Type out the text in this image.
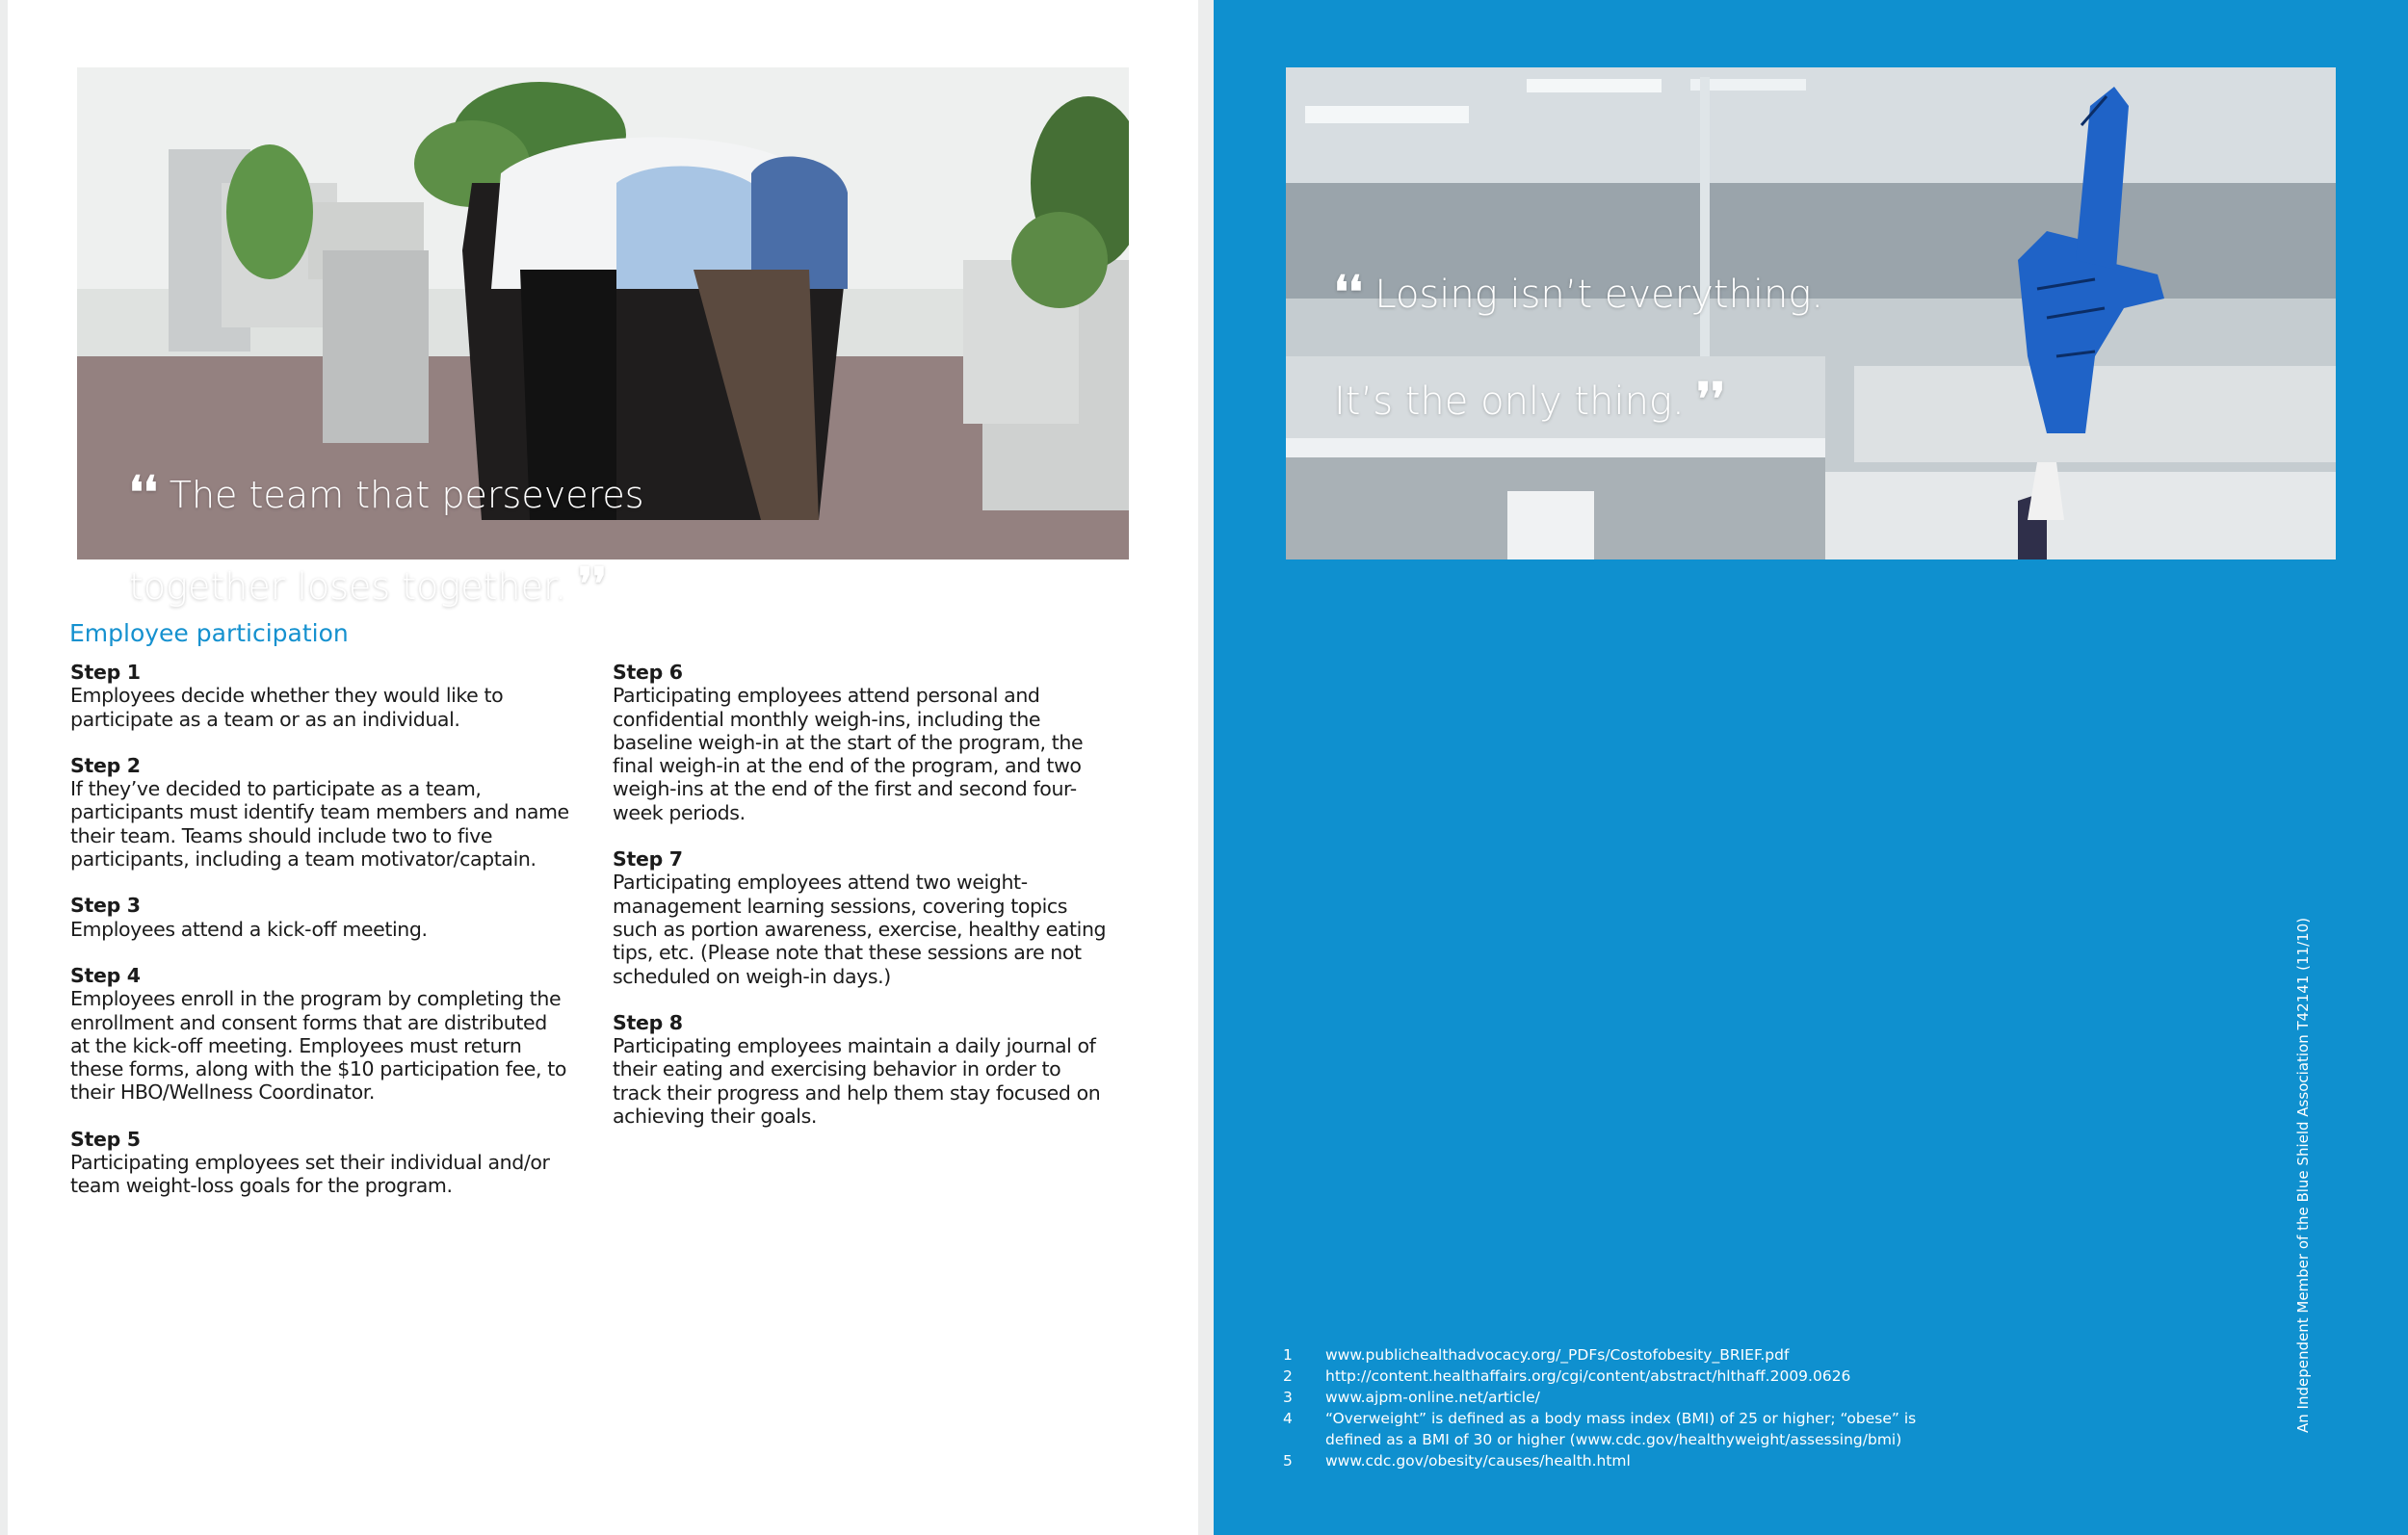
❛❛ The team that perseveres

together loses together. ❜❜

Employee participation
Step 1
Employees decide whether they would like to participate as a team or as an individual.
Step 2
If they’ve decided to participate as a team, participants must identify team members and name their team. Teams should include two to five participants, including a team motivator/captain.
Step 3
Employees attend a kick-off meeting.
Step 4
Employees enroll in the program by completing the enrollment and consent forms that are distributed at the kick-off meeting. Employees must return these forms, along with the $10 participation fee, to their HBO/Wellness Coordinator.
Step 5
Participating employees set their individual and/or team weight-loss goals for the program.
Step 6
Participating employees attend personal and confidential monthly weigh-ins, including the baseline weigh-in at the start of the program, the final weigh-in at the end of the program, and two weigh-ins at the end of the first and second four-week periods.
Step 7
Participating employees attend two weight-management learning sessions, covering topics such as portion awareness, exercise, healthy eating tips, etc. (Please note that these sessions are not scheduled on weigh-in days.)
Step 8
Participating employees maintain a daily journal of their eating and exercising behavior in order to track their progress and help them stay focused on achieving their goals.

❛❛ Losing isn’t everything.

It’s the only thing. ❜❜

1	www.publichealthadvocacy.org/_PDFs/Costofobesity_BRIEF.pdf
2	http://content.healthaffairs.org/cgi/content/abstract/hlthaff.2009.0626
3	www.ajpm-online.net/article/
4	“Overweight” is defined as a body mass index (BMI) of 25 or higher; “obese” is defined as a BMI of 30 or higher (www.cdc.gov/healthyweight/assessing/bmi)
5	www.cdc.gov/obesity/causes/health.html
An Independent Member of the Blue Shield Association T42141 (11/10)
